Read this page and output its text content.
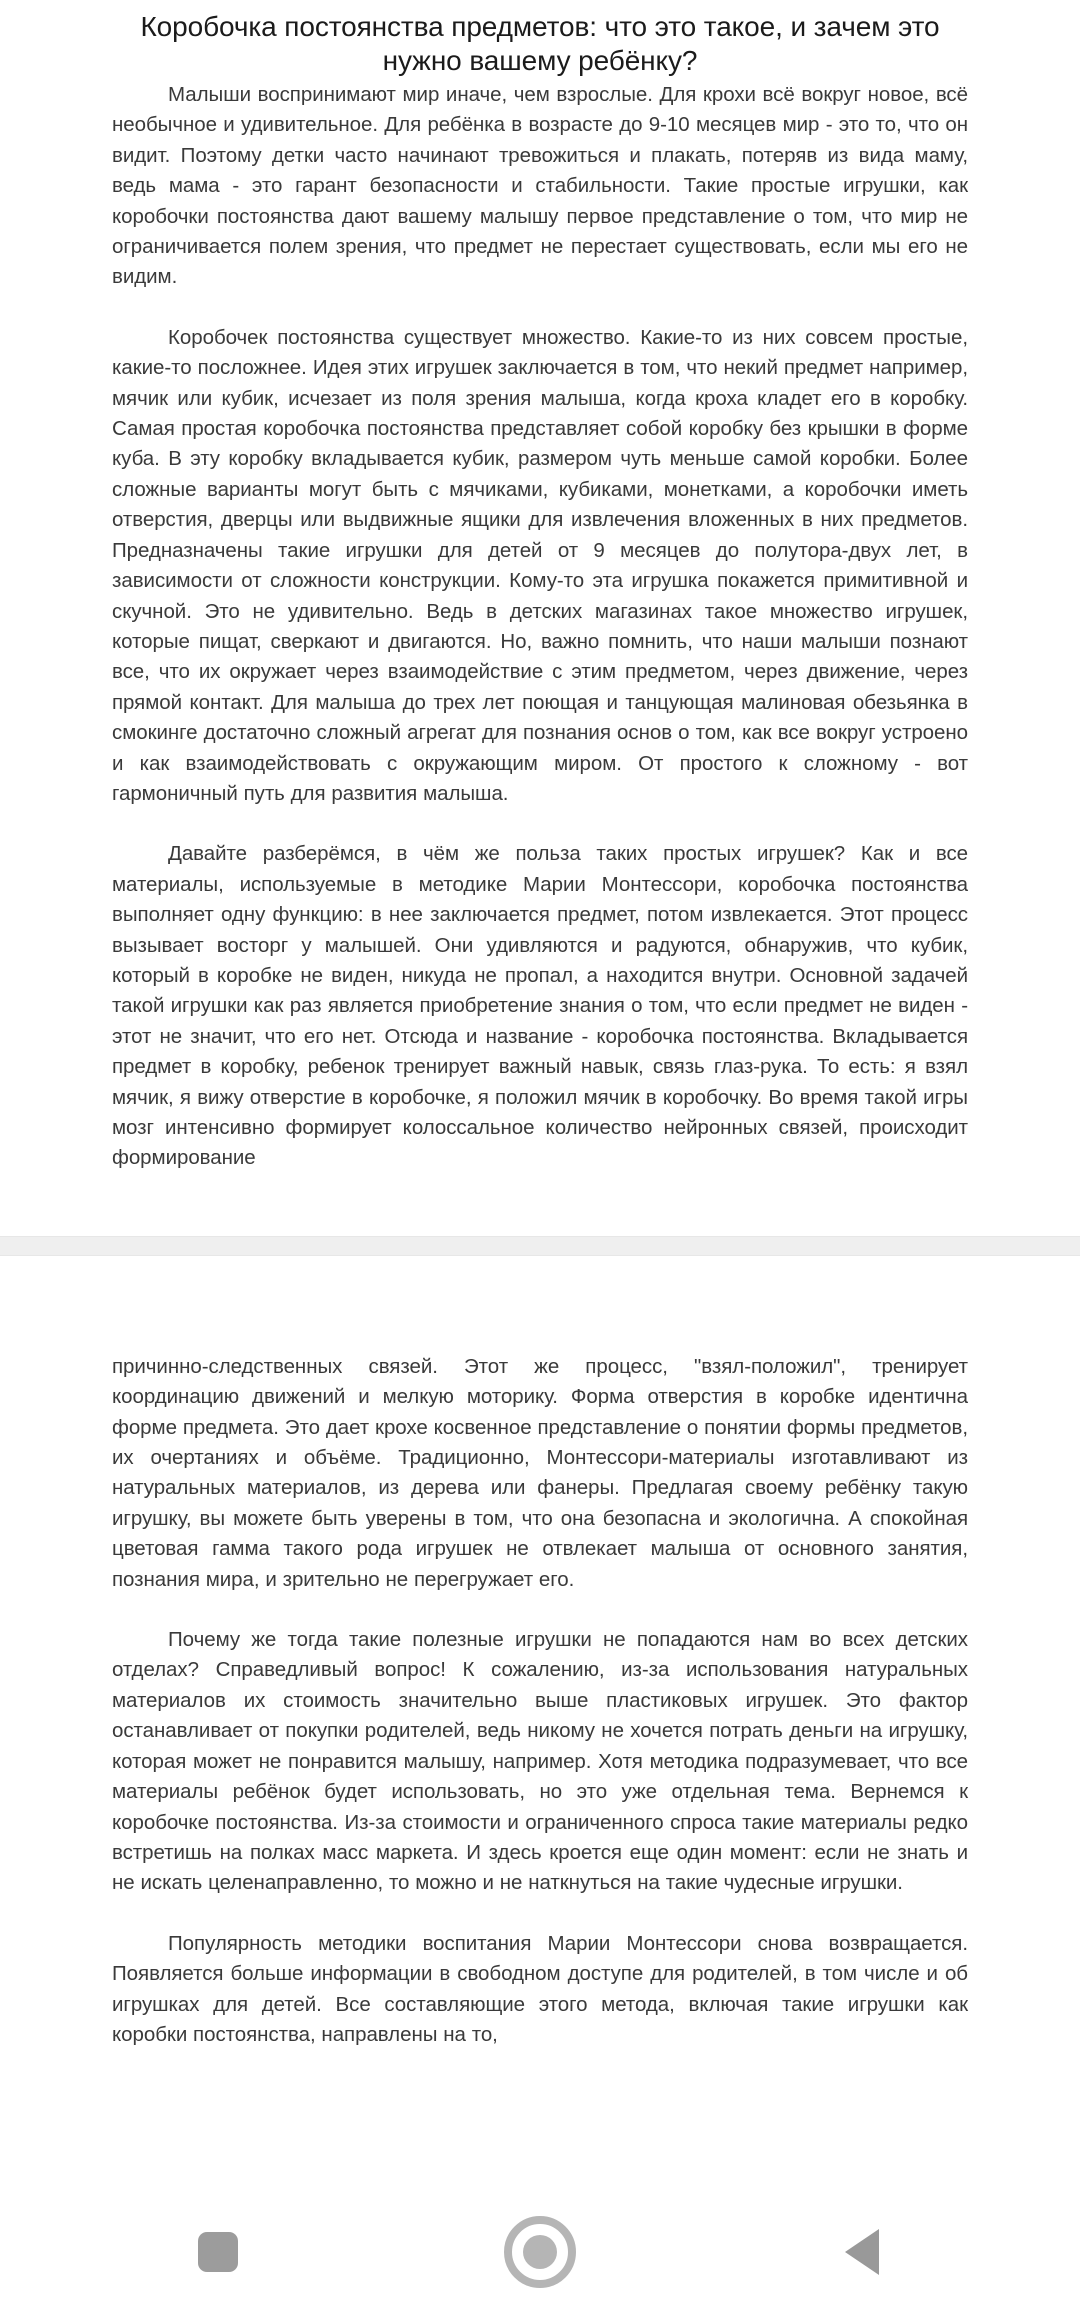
Коробочка постоянства предметов: что это такое, и зачем это нужно вашему ребёнку?

Малыши воспринимают мир иначе, чем взрослые. Для крохи всё вокруг новое, всё необычное и удивительное. Для ребёнка в возрасте до 9-10 месяцев мир - это то, что он видит. Поэтому детки часто начинают тревожиться и плакать, потеряв из вида маму, ведь мама - это гарант безопасности и стабильности. Такие простые игрушки, как коробочки постоянства дают вашему малышу первое представление о том, что мир не ограничивается полем зрения, что предмет не перестает существовать, если мы его не видим.

Коробочек постоянства существует множество. Какие-то из них совсем простые, какие-то посложнее. Идея этих игрушек заключается в том, что некий предмет например, мячик или кубик, исчезает из поля зрения малыша, когда кроха кладет его в коробку. Самая простая коробочка постоянства представляет собой коробку без крышки в форме куба. В эту коробку вкладывается кубик, размером чуть меньше самой коробки. Более сложные варианты могут быть с мячиками, кубиками, монетками, а коробочки иметь отверстия, дверцы или выдвижные ящики для извлечения вложенных в них предметов. Предназначены такие игрушки для детей от 9 месяцев до полутора-двух лет, в зависимости от сложности конструкции. Кому-то эта игрушка покажется примитивной и скучной. Это не удивительно. Ведь в детских магазинах такое множество игрушек, которые пищат, сверкают и двигаются. Но, важно помнить, что наши малыши познают все, что их окружает через взаимодействие с этим предметом, через движение, через прямой контакт. Для малыша до трех лет поющая и танцующая малиновая обезьянка в смокинге достаточно сложный агрегат для познания основ о том, как все вокруг устроено и как взаимодействовать с окружающим миром. От простого к сложному - вот гармоничный путь для развития малыша.

Давайте разберёмся, в чём же польза таких простых игрушек? Как и все материалы, используемые в методике Марии Монтессори, коробочка постоянства выполняет одну функцию: в нее заключается предмет, потом извлекается. Этот процесс вызывает восторг у малышей. Они удивляются и радуются, обнаружив, что кубик, который в коробке не виден, никуда не пропал, а находится внутри. Основной задачей такой игрушки как раз является приобретение знания о том, что если предмет не виден - этот не значит, что его нет. Отсюда и название - коробочка постоянства. Вкладывается предмет в коробку, ребенок тренирует важный навык, связь глаз-рука. То есть: я взял мячик, я вижу отверстие в коробочке, я положил мячик в коробочку. Во время такой игры мозг интенсивно формирует колоссальное количество нейронных связей, происходит формирование

причинно-следственных связей. Этот же процесс, "взял-положил", тренирует координацию движений и мелкую моторику. Форма отверстия в коробке идентична форме предмета. Это дает крохе косвенное представление о понятии формы предметов, их очертаниях и объёме. Традиционно, Монтессори-материалы изготавливают из натуральных материалов, из дерева или фанеры. Предлагая своему ребёнку такую игрушку, вы можете быть уверены в том, что она безопасна и экологична. А спокойная цветовая гамма такого рода игрушек не отвлекает малыша от основного занятия, познания мира, и зрительно не перегружает его.

Почему же тогда такие полезные игрушки не попадаются нам во всех детских отделах? Справедливый вопрос! К сожалению, из-за использования натуральных материалов их стоимость значительно выше пластиковых игрушек. Это фактор останавливает от покупки родителей, ведь никому не хочется потрать деньги на игрушку, которая может не понравится малышу, например. Хотя методика подразумевает, что все материалы ребёнок будет использовать, но это уже отдельная тема. Вернемся к коробочке постоянства. Из-за стоимости и ограниченного спроса такие материалы редко встретишь на полках масс маркета. И здесь кроется еще один момент: если не знать и не искать целенаправленно, то можно и не наткнуться на такие чудесные игрушки.

Популярность методики воспитания Марии Монтессори снова возвращается. Появляется больше информации в свободном доступе для родителей, в том числе и об игрушках для детей. Все составляющие этого метода, включая такие игрушки как коробки постоянства, направлены на то,
